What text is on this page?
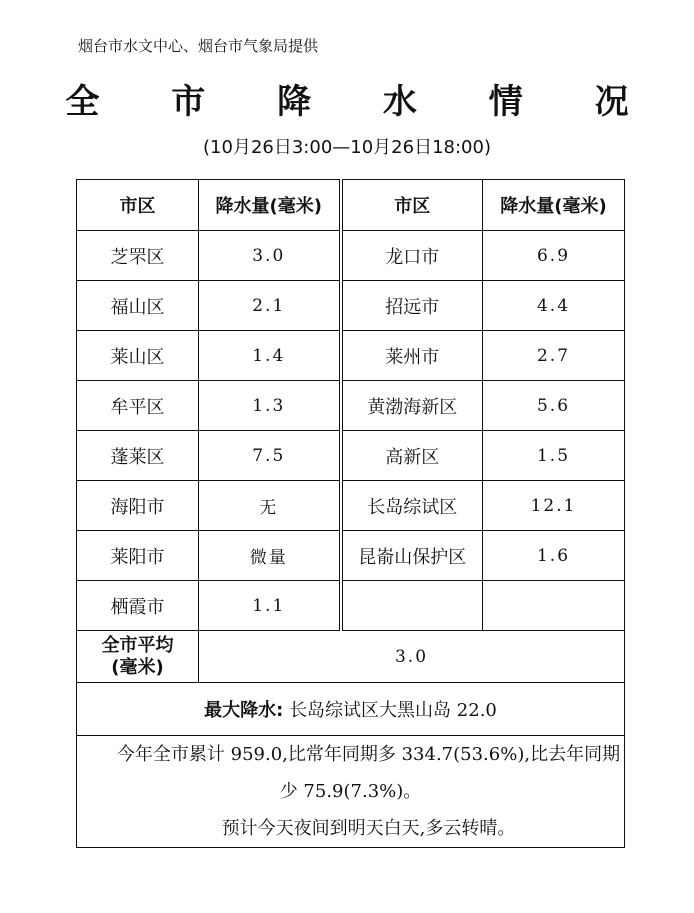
烟台市水文中心、烟台市气象局提供
全 市 降 水 情 况
(10月26日3:00—10月26日18:00)
市区	降水量(毫米)	市区	降水量(毫米)
芝罘区	3.0	龙口市	6.9
福山区	2.1	招远市	4.4
莱山区	1.4	莱州市	2.7
牟平区	1.3	黄渤海新区	5.6
蓬莱区	7.5	高新区	1.5
海阳市	无	长岛综试区	12.1
莱阳市	微量	昆嵛山保护区	1.6
栖霞市	1.1		
全市平均
(毫米)	3.0		
最大降水: 长岛综试区大黑山岛 22.0			

今年全市累计 959.0,比常年同期多 334.7(53.6%),比去年同期少 75.9(7.3%)。

预计今天夜间到明天白天,多云转晴。			
